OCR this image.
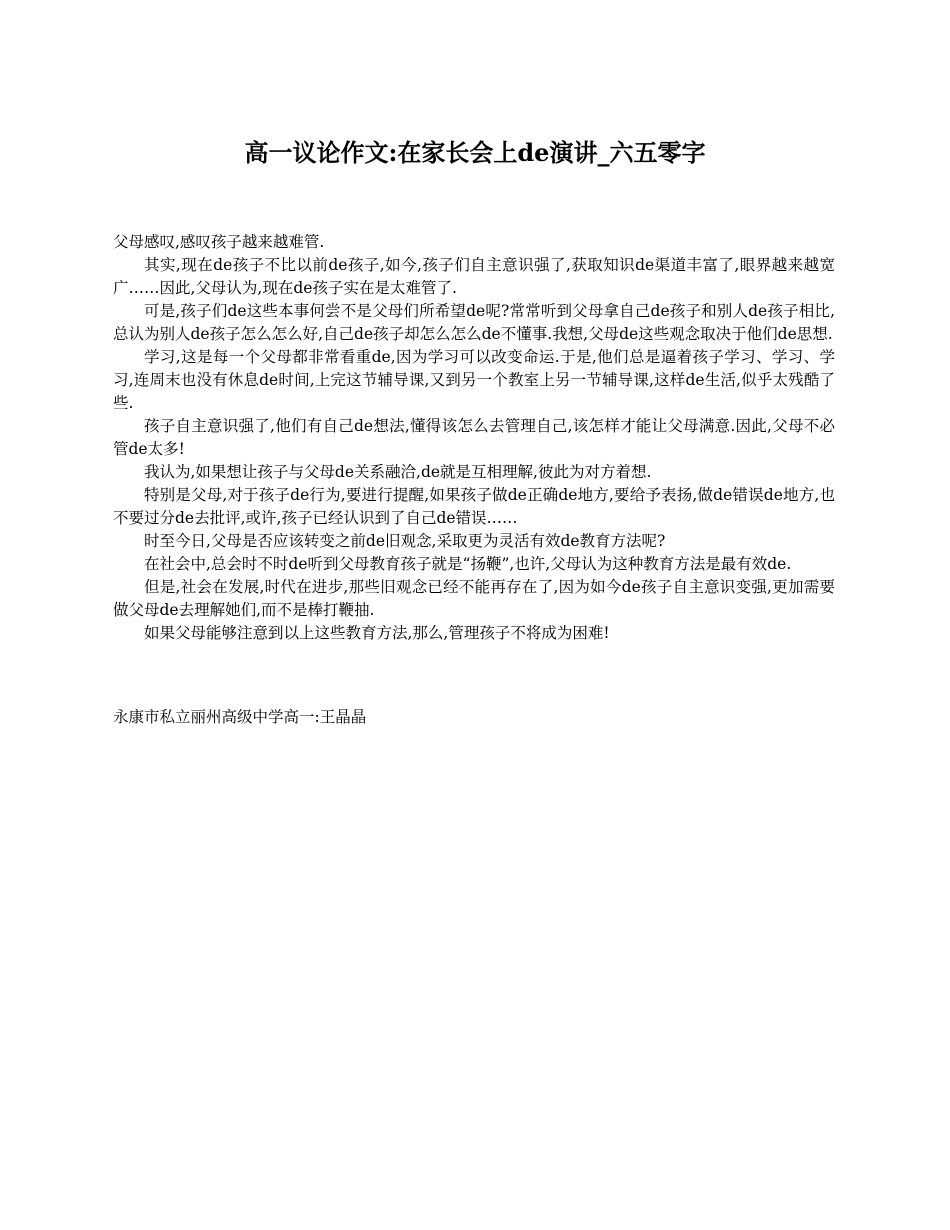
高一议论作文:在家长会上de演讲_六五零字

父母感叹,感叹孩子越来越难管.

其实,现在de孩子不比以前de孩子,如今,孩子们自主意识强了,获取知识de渠道丰富了,眼界越来越宽广……因此,父母认为,现在de孩子实在是太难管了.

可是,孩子们de这些本事何尝不是父母们所希望de呢?常常听到父母拿自己de孩子和别人de孩子相比,总认为别人de孩子怎么怎么好,自己de孩子却怎么怎么de不懂事.我想,父母de这些观念取决于他们de思想.

学习,这是每一个父母都非常看重de,因为学习可以改变命运.于是,他们总是逼着孩子学习、学习、学习,连周末也没有休息de时间,上完这节辅导课,又到另一个教室上另一节辅导课,这样de生活,似乎太残酷了些.

孩子自主意识强了,他们有自己de想法,懂得该怎么去管理自己,该怎样才能让父母满意.因此,父母不必管de太多!

我认为,如果想让孩子与父母de关系融洽,de就是互相理解,彼此为对方着想.

特别是父母,对于孩子de行为,要进行提醒,如果孩子做de正确de地方,要给予表扬,做de错误de地方,也不要过分de去批评,或许,孩子已经认识到了自己de错误……

时至今日,父母是否应该转变之前de旧观念,采取更为灵活有效de教育方法呢?

在社会中,总会时不时de听到父母教育孩子就是“扬鞭”,也许,父母认为这种教育方法是最有效de.

但是,社会在发展,时代在进步,那些旧观念已经不能再存在了,因为如今de孩子自主意识变强,更加需要做父母de去理解她们,而不是棒打鞭抽.

如果父母能够注意到以上这些教育方法,那么,管理孩子不将成为困难!

永康市私立丽州高级中学高一:王晶晶
